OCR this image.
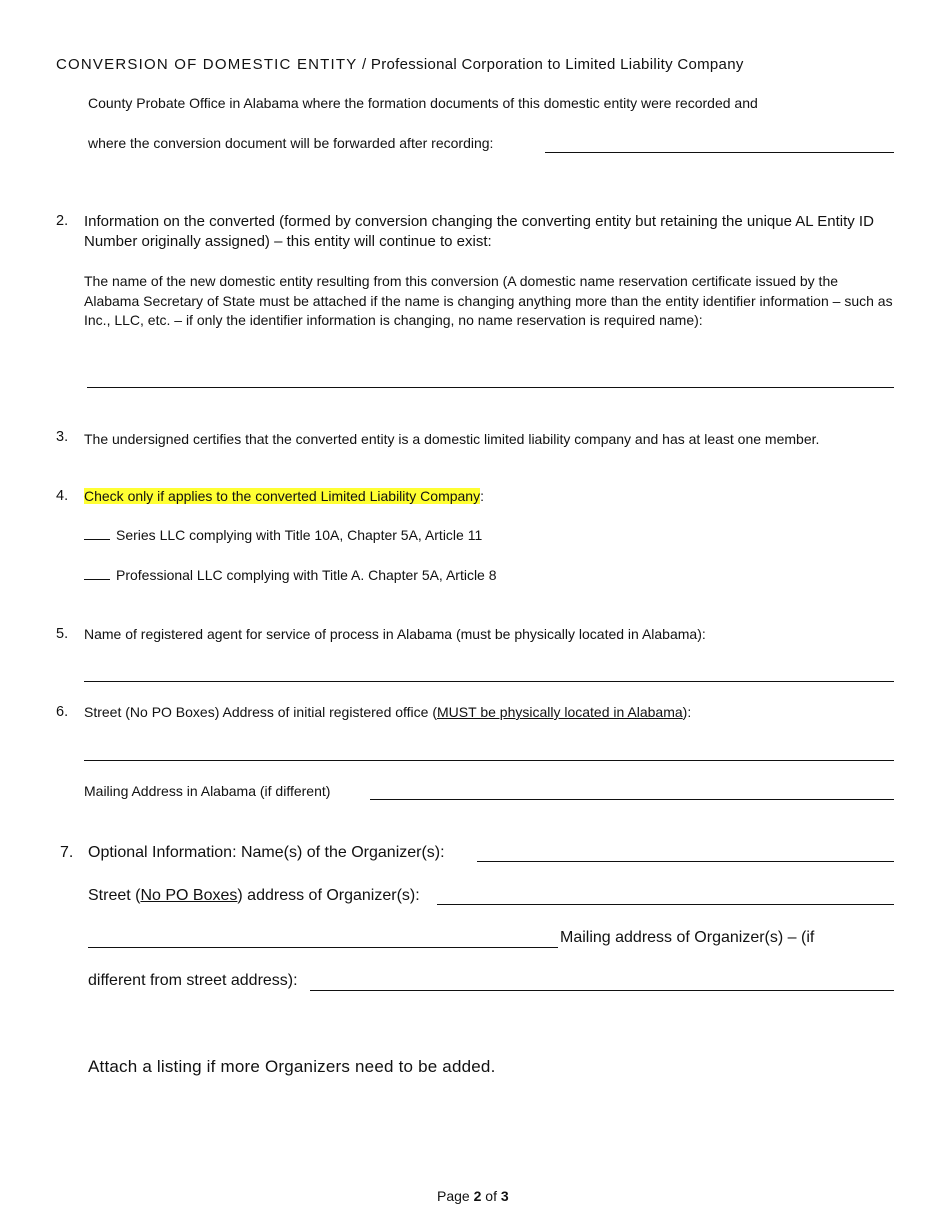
CONVERSION OF DOMESTIC ENTITY / Professional Corporation to Limited Liability Company
County Probate Office in Alabama where the formation documents of this domestic entity were recorded and
where the conversion document will be forwarded after recording:
2. Information on the converted (formed by conversion changing the converting entity but retaining the unique AL Entity ID Number originally assigned) – this entity will continue to exist:
The name of the new domestic entity resulting from this conversion (A domestic name reservation certificate issued by the Alabama Secretary of State must be attached if the name is changing anything more than the entity identifier information – such as Inc., LLC, etc. – if only the identifier information is changing, no name reservation is required name):
3. The undersigned certifies that the converted entity is a domestic limited liability company and has at least one member.
4. Check only if applies to the converted Limited Liability Company:
Series LLC complying with Title 10A, Chapter 5A, Article 11
Professional LLC complying with Title A. Chapter 5A, Article 8
5. Name of registered agent for service of process in Alabama (must be physically located in Alabama):
6. Street (No PO Boxes) Address of initial registered office (MUST be physically located in Alabama):
Mailing Address in Alabama (if different)
7. Optional Information: Name(s) of the Organizer(s):
Street (No PO Boxes) address of Organizer(s):
Mailing address of Organizer(s) – (if
different from street address):
Attach a listing if more Organizers need to be added.
Page 2 of 3
